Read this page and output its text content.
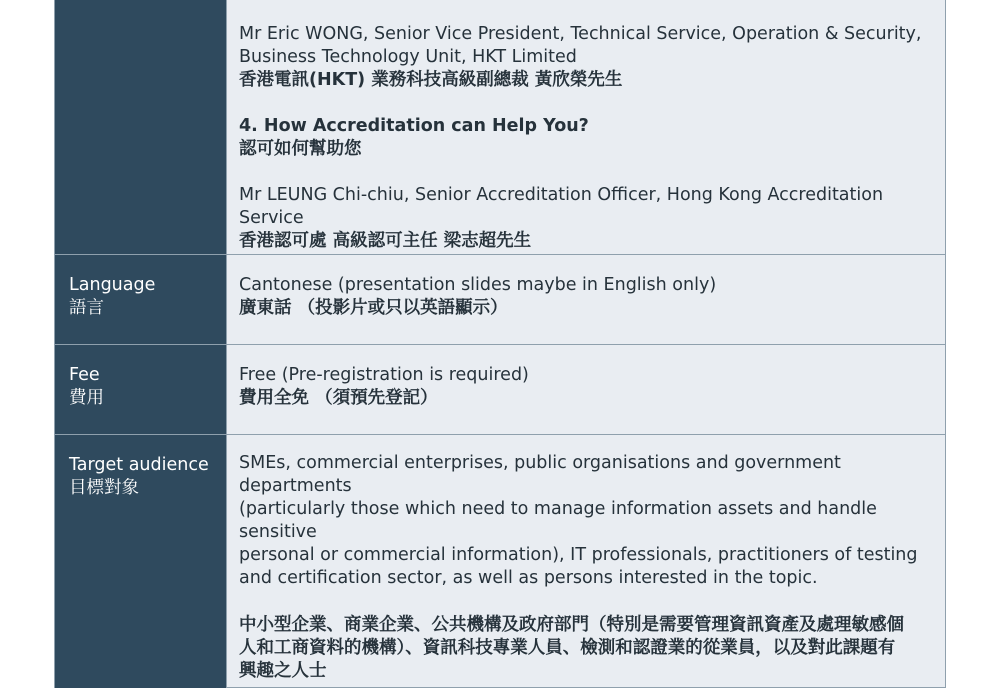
Mr Eric WONG, Senior Vice President, Technical Service, Operation & Security,

Business Technology Unit, HKT Limited

香港電訊(HKT) 業務科技高級副總裁 黃欣榮先生

4. How Accreditation can Help You?

認可如何幫助您

Mr LEUNG Chi-chiu, Senior Accreditation Officer, Hong Kong Accreditation Service

香港認可處 高級認可主任 梁志超先生

Language
語言

Cantonese (presentation slides maybe in English only)

廣東話 （投影片或只以英語顯示）

Fee
費用

Free (Pre-registration is required)

費用全免 （須預先登記）

Target audience
目標對象

SMEs, commercial enterprises, public organisations and government departments

(particularly those which need to manage information assets and handle sensitive

personal or commercial information), IT professionals, practitioners of testing

and certification sector, as well as persons interested in the topic.

中小型企業、商業企業、公共機構及政府部門（特別是需要管理資訊資產及處理敏感個

人和工商資料的機構）、資訊科技專業人員、檢測和認證業的從業員，以及對此課題有

興趣之人士
